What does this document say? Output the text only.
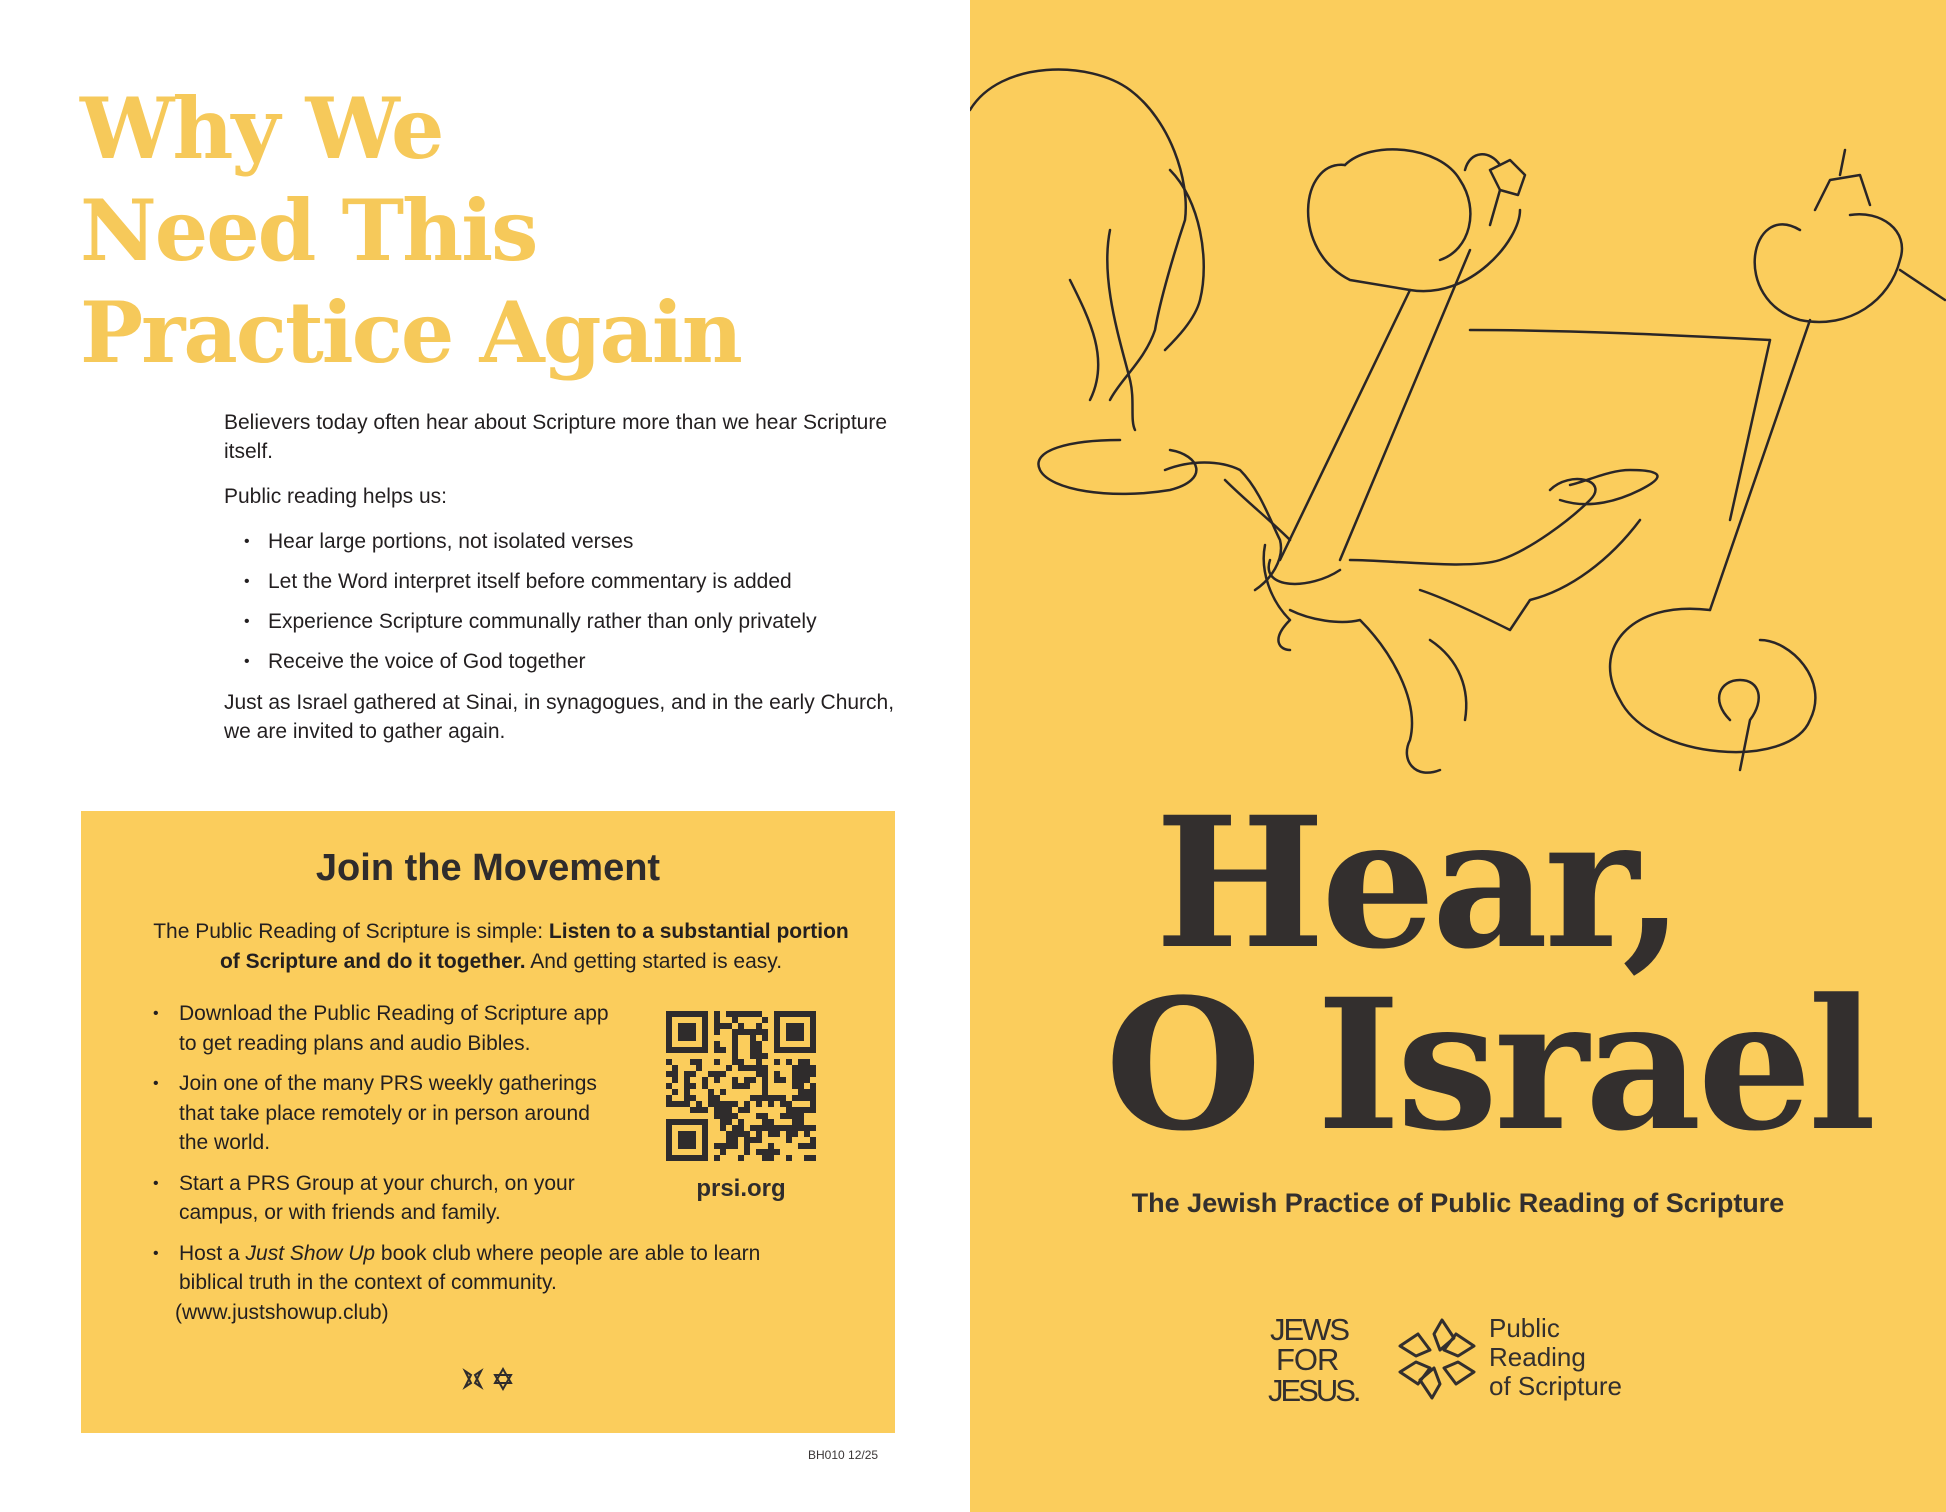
Why We
Need This
Practice Again

Believers today often hear about Scripture more than we hear Scripture itself.

Public reading helps us:

• Hear large portions, not isolated verses
• Let the Word interpret itself before commentary is added
• Experience Scripture communally rather than only privately
• Receive the voice of God together

Just as Israel gathered at Sinai, in synagogues, and in the early Church, we are invited to gather again.

Join the Movement

The Public Reading of Scripture is simple: Listen to a substantial portion of Scripture and do it together. And getting started is easy.

• Download the Public Reading of Scripture app to get reading plans and audio Bibles.
• Join one of the many PRS weekly gatherings that take place remotely or in person around the world.
• Start a PRS Group at your church, on your campus, or with friends and family.
• Host a Just Show Up book club where people are able to learn biblical truth in the context of community.
(www.justshowup.club)
prsi.org
BH010 12/25
Hear,
O Israel
The Jewish Practice of Public Reading of Scripture
JEWS
FOR
JESUS.
Public
Reading
of Scripture
